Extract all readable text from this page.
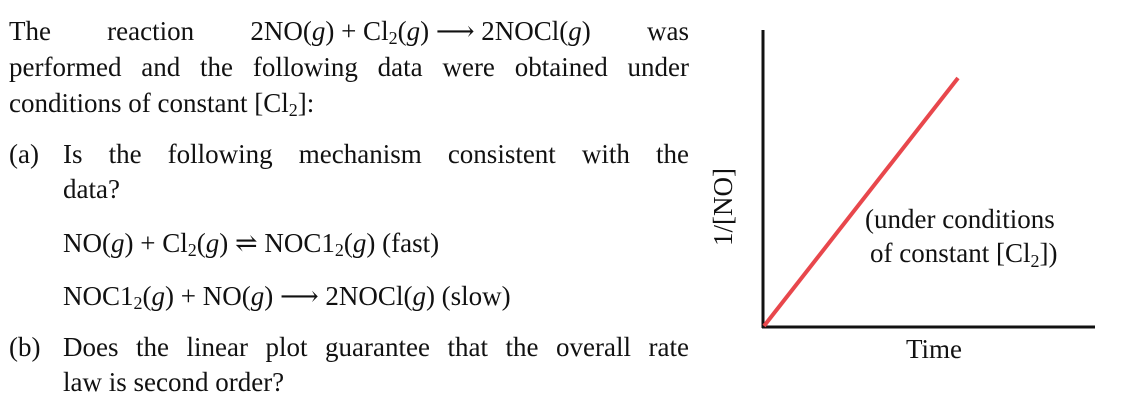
The reaction $2NO(g) + Cl_2(g)$ ⟶ 2NOCl(g) was
performed and the following data were obtained under
conditions of constant $[Cl_2]$:
(a) Is the following mechanism consistent with the
data?
$NO(g) + Cl_2(g)$ ⇌ $NOC1_2(g)$ (fast)
$NOC1_2(g) + NO(g)$ ⟶ 2NOCl(g) (slow)
(b) Does the linear plot guarantee that the overall rate
law is second order?
1/[NO]
Time
(under conditions
of constant [Cl2])
